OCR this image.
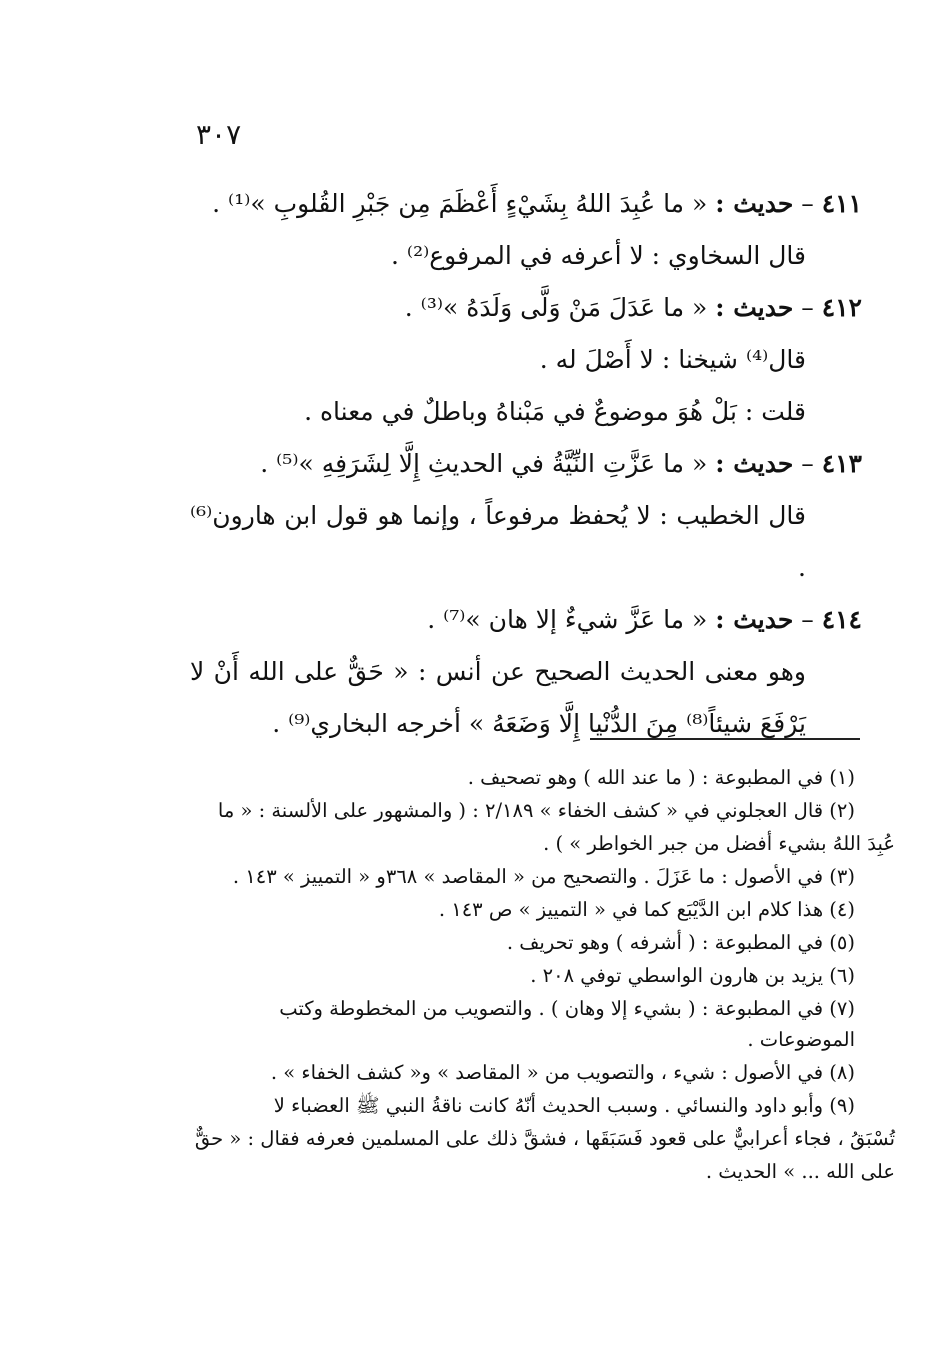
٣٠٧

٤١١ – حديث : « ما عُبِدَ اللهُ بِشَيْءٍ أَعْظَمَ مِن جَبْرِ القُلوبِ »⁽¹⁾ .

قال السخاوي : لا أعرفه في المرفوع⁽²⁾ .

٤١٢ – حديث : « ما عَدَلَ مَنْ وَلَّى وَلَدَهُ »⁽³⁾ .

قال⁽⁴⁾ شيخنا : لا أَصْلَ له .

قلت : بَلْ هُوَ موضوعٌ في مَبْناهُ وباطلٌ في معناه .

٤١٣ – حديث : « ما عَزَّتِ النِّيَّةُ في الحديثِ إِلَّا لِشَرَفِهِ »⁽⁵⁾ .

قال الخطيب : لا يُحفظ مرفوعاً ، وإنما هو قول ابن هارون⁽⁶⁾ .

٤١٤ – حديث : « ما عَزَّ شيءٌ إلا هان »⁽⁷⁾ .

وهو معنى الحديث الصحيح عن أنس : « حَقٌّ على الله أَنْ لا يَرْفَعَ شيئاً⁽⁸⁾ مِنَ الدُّنْيا إِلَّا وَضَعَهُ » أخرجه البخاري⁽⁹⁾ .

(١) في المطبوعة : ( ما عند الله ) وهو تصحيف .
(٢) قال العجلوني في « كشف الخفاء » ٢/١٨٩ : ( والمشهور على الألسنة : « ما
عُبِدَ اللهُ بشيء أفضل من جبر الخواطر » ) .
(٣) في الأصول : ما عَزَلَ . والتصحيح من « المقاصد » ٣٦٨و « التمييز » ١٤٣ .
(٤) هذا كلام ابن الدَّيْبَع كما في « التمييز » ص ١٤٣ .
(٥) في المطبوعة : ( أشرفه ) وهو تحريف .
(٦) يزيد بن هارون الواسطي توفي ٢٠٨ .
(٧) في المطبوعة : ( بشيء إلا وهان ) . والتصويب من المخطوطة وكتب الموضوعات .
(٨) في الأصول : شيء ، والتصويب من « المقاصد » و« كشف الخفاء » .
(٩) وأبو داود والنسائي . وسبب الحديث أنّهُ كانت ناقةُ النبي ﷺ العضباء لا
تُسْبَقُ ، فجاء أعرابيٌّ على قعود فَسَبَقَها ، فشقَّ ذلك على المسلمين فعرفه فقال : « حقٌّ
على الله ... » الحديث .
